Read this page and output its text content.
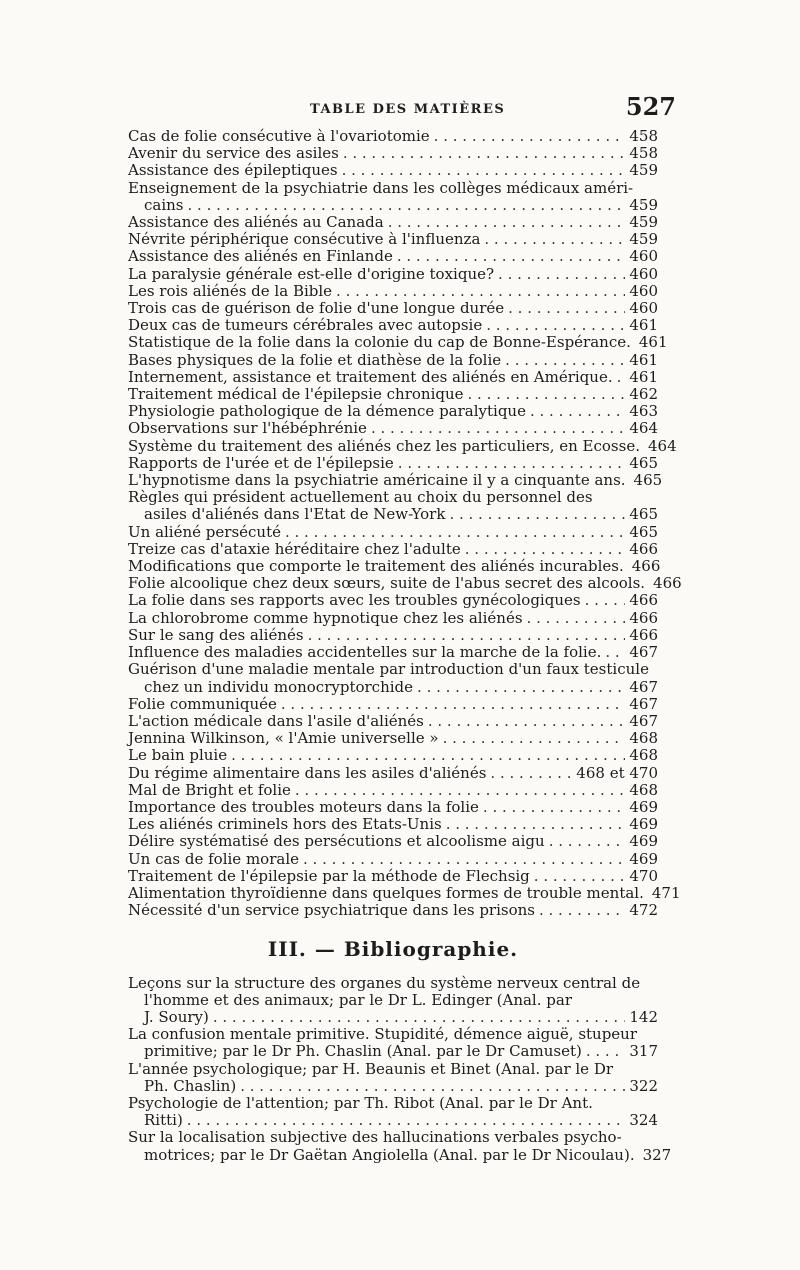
TABLE DES MATIÈRES	527
Cas de folie consécutive à l'ovariotomie . . .	458
Avenir du service des asiles . . .	458
Assistance des épileptiques . . .	459
Enseignement de la psychiatrie dans les collèges médicaux améri-
cains . . .	459
Assistance des aliénés au Canada . . .	459
Névrite périphérique consécutive à l'influenza . . .	459
Assistance des aliénés en Finlande . . .	460
La paralysie générale est-elle d'origine toxique? . . .	460
Les rois aliénés de la Bible . . .	460
Trois cas de guérison de folie d'une longue durée . . .	460
Deux cas de tumeurs cérébrales avec autopsie . . .	461
Statistique de la folie dans la colonie du cap de Bonne-Espérance. 461
Bases physiques de la folie et diathèse de la folie . . .	461
Internement, assistance et traitement des aliénés en Amérique. . . . 461
Traitement médical de l'épilepsie chronique . . .	462
Physiologie pathologique de la démence paralytique . . .	463
Observations sur l'hébéphrénie . . .	464
Système du traitement des aliénés chez les particuliers, en Ecosse. 464
Rapports de l'urée et de l'épilepsie . . .	465
L'hypnotisme dans la psychiatrie américaine il y a cinquante ans. 465
Règles qui président actuellement au choix du personnel des
asiles d'aliénés dans l'Etat de New-York . . .	465
Un aliéné persécuté . . .	465
Treize cas d'ataxie héréditaire chez l'adulte . . .	466
Modifications que comporte le traitement des aliénés incurables. 466
Folie alcoolique chez deux sœurs, suite de l'abus secret des alcools. 466
La folie dans ses rapports avec les troubles gynécologiques . . .	466
La chlorobrome comme hypnotique chez les aliénés . . .	466
Sur le sang des aliénés . . .	466
Influence des maladies accidentelles sur la marche de la folie. . . . 467
Guérison d'une maladie mentale par introduction d'un faux testicule
chez un individu monocryptorchide . . .	467
Folie communiquée . . .	467
L'action médicale dans l'asile d'aliénés . . .	467
Jennina Wilkinson, « l'Amie universelle » . . .	468
Le bain pluie . . .	468
Du régime alimentaire dans les asiles d'aliénés . . .	468 et 470
Mal de Bright et folie . . .	468
Importance des troubles moteurs dans la folie . . .	469
Les aliénés criminels hors des Etats-Unis . . .	469
Délire systématisé des persécutions et alcoolisme aigu . . .	469
Un cas de folie morale . . .	469
Traitement de l'épilepsie par la méthode de Flechsig . . .	470
Alimentation thyroïdienne dans quelques formes de trouble mental. 471
Nécessité d'un service psychiatrique dans les prisons . . .	472
III. — Bibliographie.
Leçons sur la structure des organes du système nerveux central de
l'homme et des animaux; par le Dr L. Edinger (Anal. par
J. Soury) . . .	142
La confusion mentale primitive. Stupidité, démence aiguë, stupeur
primitive; par le Dr Ph. Chaslin (Anal. par le Dr Camuset) . . .	317
L'année psychologique; par H. Beaunis et Binet (Anal. par le Dr
Ph. Chaslin) . . .	322
Psychologie de l'attention; par Th. Ribot (Anal. par le Dr Ant.
Ritti) . . .	324
Sur la localisation subjective des hallucinations verbales psycho-
motrices; par le Dr Gaëtan Angiolella (Anal. par le Dr Nicoulau). 327
